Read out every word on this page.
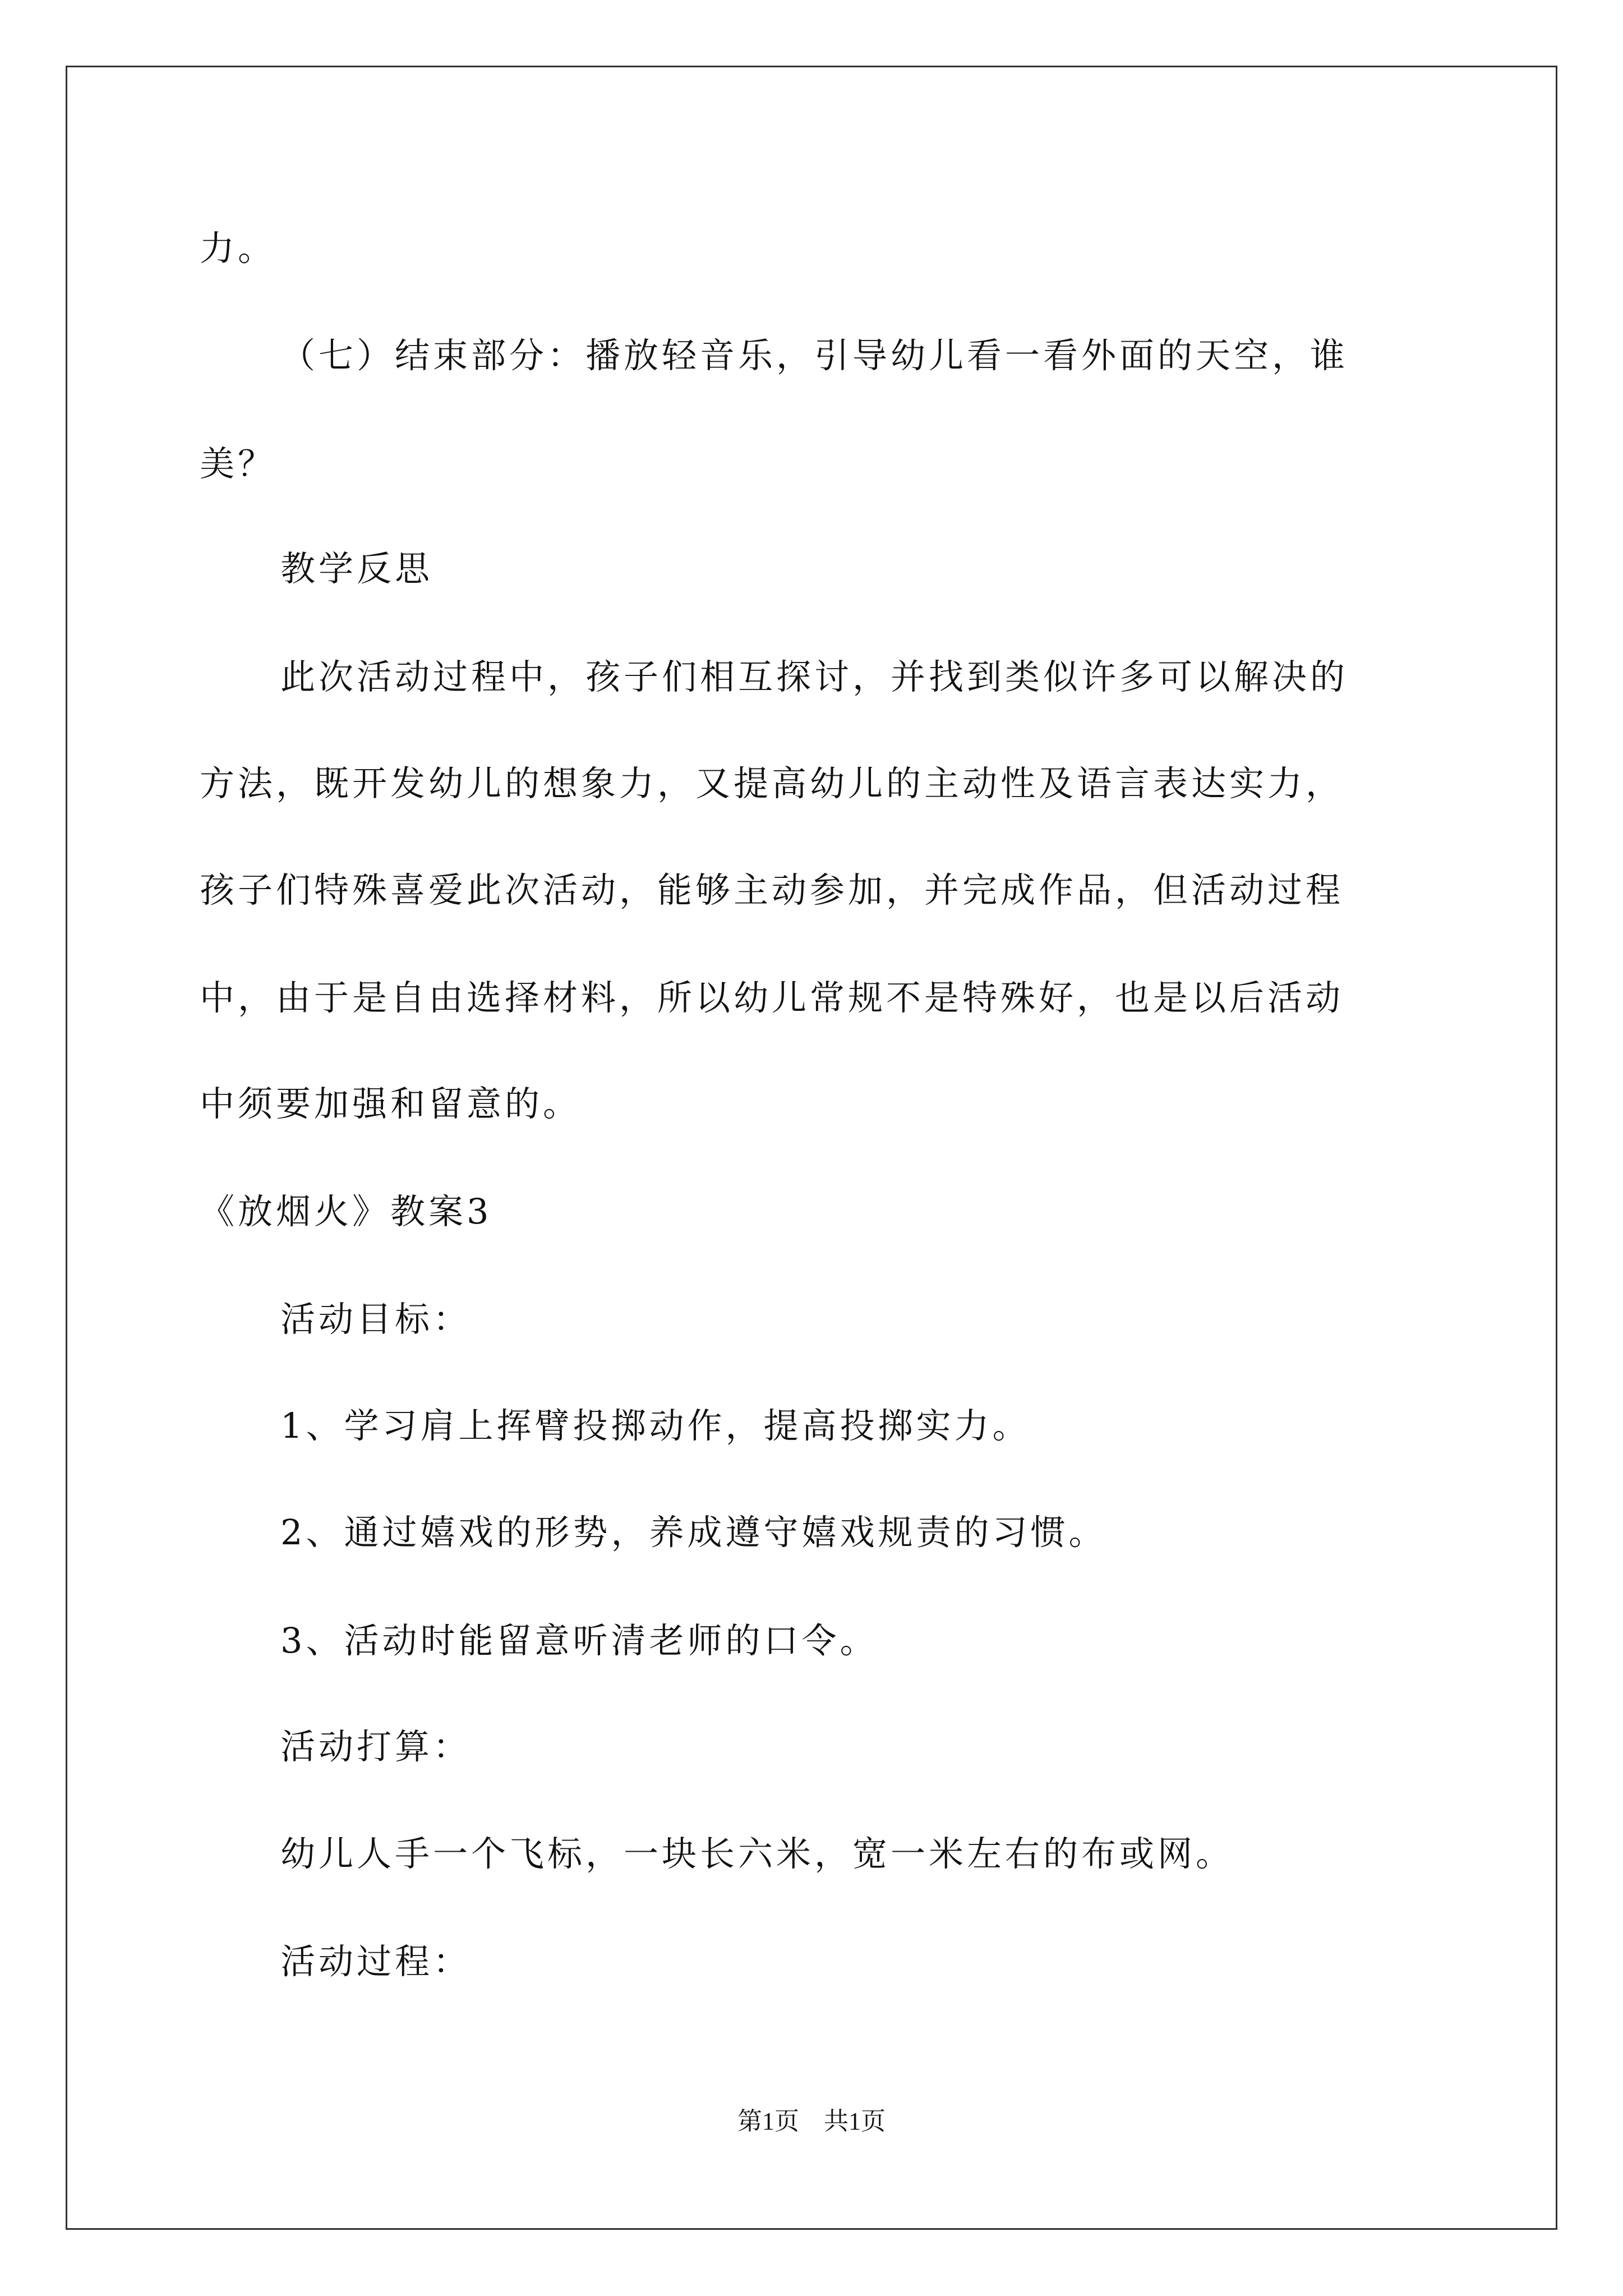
力。
（七）结束部分：播放轻音乐，引导幼儿看一看外面的天空，谁
美？
教学反思
此次活动过程中，孩子们相互探讨，并找到类似许多可以解决的
方法，既开发幼儿的想象力，又提高幼儿的主动性及语言表达实力，
孩子们特殊喜爱此次活动，能够主动参加，并完成作品，但活动过程
中，由于是自由选择材料，所以幼儿常规不是特殊好，也是以后活动
中须要加强和留意的。
《放烟火》教案3
活动目标：
1、学习肩上挥臂投掷动作，提高投掷实力。
2、通过嬉戏的形势，养成遵守嬉戏规责的习惯。
3、活动时能留意听清老师的口令。
活动打算：
幼儿人手一个飞标，一块长六米，宽一米左右的布或网。
活动过程：
第1页　共1页
